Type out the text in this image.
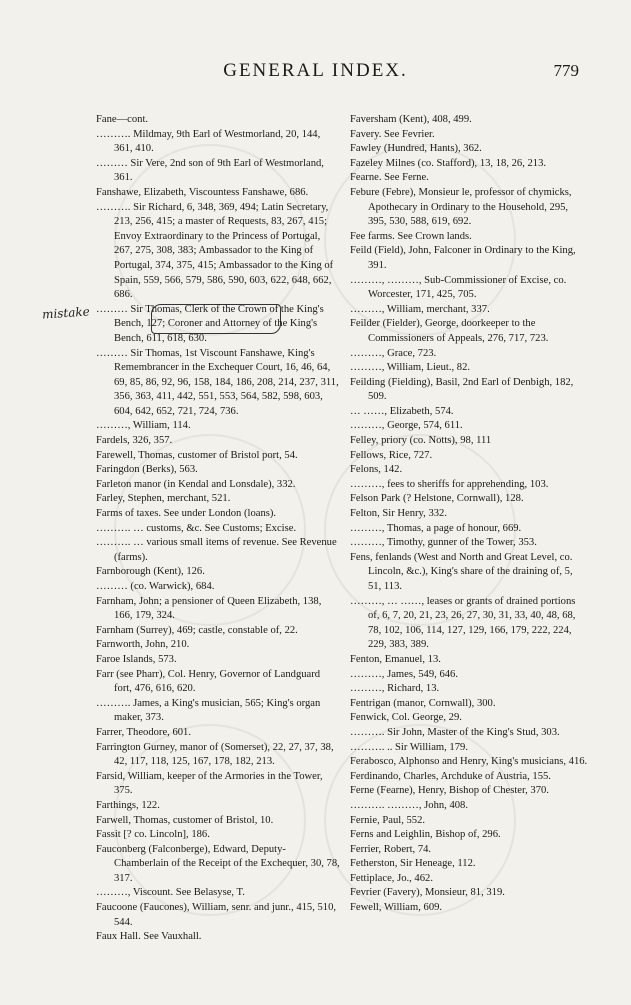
GENERAL INDEX.	779
mistake

Fane—cont.

………. Mildmay, 9th Earl of Westmorland, 20, 144, 361, 410.

……… Sir Vere, 2nd son of 9th Earl of Westmorland, 361.

Fanshawe, Elizabeth, Viscountess Fanshawe, 686.

………. Sir Richard, 6, 348, 369, 494; Latin Secretary, 213, 256, 415; a master of Requests, 83, 267, 415; Envoy Extraordinary to the Princess of Portugal, 267, 275, 308, 383; Ambassador to the King of Portugal, 374, 375, 415; Ambassador to the King of Spain, 559, 566, 579, 586, 590, 603, 622, 648, 662, 686.

……… Sir Thomas, Clerk of the Crown of the King's Bench, 127; Coroner and Attorney of the King's Bench, 611, 618, 630.

……… Sir Thomas, 1st Viscount Fanshawe, King's Remembrancer in the Exchequer Court, 16, 46, 64, 69, 85, 86, 92, 96, 158, 184, 186, 208, 214, 237, 311, 356, 363, 411, 442, 551, 553, 564, 582, 598, 603, 604, 642, 652, 721, 724, 736.

………, William, 114.

Fardels, 326, 357.

Farewell, Thomas, customer of Bristol port, 54.

Faringdon (Berks), 563.

Farleton manor (in Kendal and Lonsdale), 332.

Farley, Stephen, merchant, 521.

Farms of taxes. See under London (loans).

………. … customs, &c. See Customs; Excise.

………. … various small items of revenue. See Revenue (farms).

Farnborough (Kent), 126.

……… (co. Warwick), 684.

Farnham, John; a pensioner of Queen Elizabeth, 138, 166, 179, 324.

Farnham (Surrey), 469; castle, constable of, 22.

Farnworth, John, 210.

Faroe Islands, 573.

Farr (see Pharr), Col. Henry, Governor of Landguard fort, 476, 616, 620.

………. James, a King's musician, 565; King's organ maker, 373.

Farrer, Theodore, 601.

Farrington Gurney, manor of (Somerset), 22, 27, 37, 38, 42, 117, 118, 125, 167, 178, 182, 213.

Farsid, William, keeper of the Armories in the Tower, 375.

Farthings, 122.

Farwell, Thomas, customer of Bristol, 10.

Fassit [? co. Lincoln], 186.

Fauconberg (Falconberge), Edward, Deputy-Chamberlain of the Receipt of the Exchequer, 30, 78, 317.

………, Viscount. See Belasyse, T.

Faucoone (Faucones), William, senr. and junr., 415, 510, 544.

Faux Hall. See Vauxhall.

Faversham (Kent), 408, 499.

Favery. See Fevrier.

Fawley (Hundred, Hants), 362.

Fazeley Milnes (co. Stafford), 13, 18, 26, 213.

Fearne. See Ferne.

Febure (Febre), Monsieur le, professor of chymicks, Apothecary in Ordinary to the Household, 295, 395, 530, 588, 619, 692.

Fee farms. See Crown lands.

Feild (Field), John, Falconer in Ordinary to the King, 391.

………, ………, Sub-Commissioner of Excise, co. Worcester, 171, 425, 705.

………, William, merchant, 337.

Feilder (Fielder), George, doorkeeper to the Commissioners of Appeals, 276, 717, 723.

………, Grace, 723.

………, William, Lieut., 82.

Feilding (Fielding), Basil, 2nd Earl of Denbigh, 182, 509.

… ……, Elizabeth, 574.

………, George, 574, 611.

Felley, priory (co. Notts), 98, 111

Fellows, Rice, 727.

Felons, 142.

………, fees to sheriffs for apprehending, 103.

Felson Park (? Helstone, Cornwall), 128.

Felton, Sir Henry, 332.

………, Thomas, a page of honour, 669.

………, Timothy, gunner of the Tower, 353.

Fens, fenlands (West and North and Great Level, co. Lincoln, &c.), King's share of the draining of, 5, 51, 113.

………, … ……, leases or grants of drained portions of, 6, 7, 20, 21, 23, 26, 27, 30, 31, 33, 40, 48, 68, 78, 102, 106, 114, 127, 129, 166, 179, 222, 224, 229, 383, 389.

Fenton, Emanuel, 13.

………, James, 549, 646.

………, Richard, 13.

Fentrigan (manor, Cornwall), 300.

Fenwick, Col. George, 29.

………. Sir John, Master of the King's Stud, 303.

………. .. Sir William, 179.

Ferabosco, Alphonso and Henry, King's musicians, 416.

Ferdinando, Charles, Archduke of Austria, 155.

Ferne (Fearne), Henry, Bishop of Chester, 370.

………. ………, John, 408.

Fernie, Paul, 552.

Ferns and Leighlin, Bishop of, 296.

Ferrier, Robert, 74.

Fetherston, Sir Heneage, 112.

Fettiplace, Jo., 462.

Fevrier (Favery), Monsieur, 81, 319.

Fewell, William, 609.
